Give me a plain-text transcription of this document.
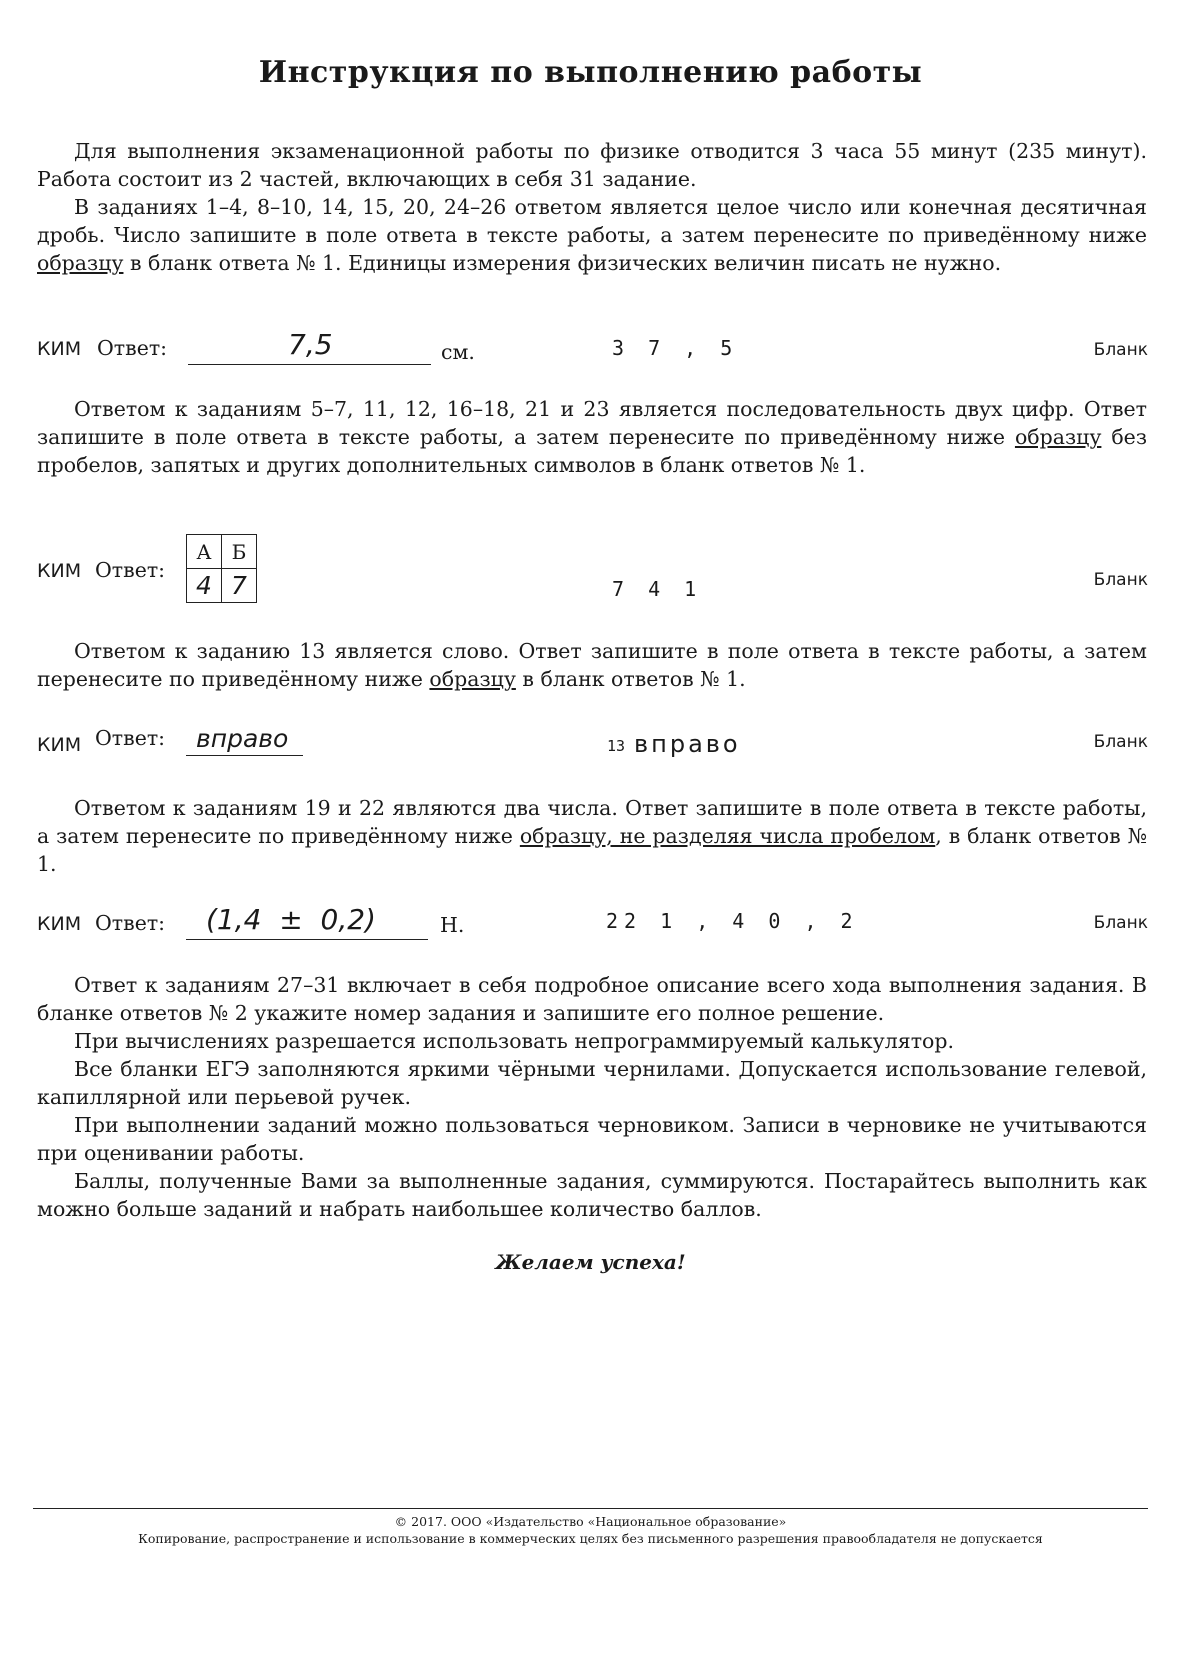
Инструкция по выполнению работы

Для выполнения экзаменационной работы по физике отводится 3 часа 55 минут (235 минут). Работа состоит из 2 частей, включающих в себя 31 задание.

В заданиях 1–4, 8–10, 14, 15, 20, 24–26 ответом является целое число или конечная десятичная дробь. Число запишите в поле ответа в тексте работы, а затем перенесите по приведённому ниже образцу в бланк ответа № 1. Единицы измерения физических величин писать не нужно.

КИМ Ответ:	7,5	см.	3 7 , 5	Бланк

Ответом к заданиям 5–7, 11, 12, 16–18, 21 и 23 является последовательность двух цифр. Ответ запишите в поле ответа в тексте работы, а затем перенесите по приведённому ниже образцу без пробелов, запятых и других дополнительных символов в бланк ответов № 1.

КИМ Ответ:
А	Б
4	7	7 4 1	Бланк

Ответом к заданию 13 является слово. Ответ запишите в поле ответа в тексте работы, а затем перенесите по приведённому ниже образцу в бланк ответов № 1.

КИМ Ответ: вправо	13 вправо	Бланк

Ответом к заданиям 19 и 22 являются два числа. Ответ запишите в поле ответа в тексте работы, а затем перенесите по приведённому ниже образцу, не разделяя числа пробелом, в бланк ответов № 1.

КИМ Ответ: (1,4  ±  0,2)	Н.	22 1 , 4 0 , 2	Бланк

Ответ к заданиям 27–31 включает в себя подробное описание всего хода выполнения задания. В бланке ответов № 2 укажите номер задания и запишите его полное решение.

При вычислениях разрешается использовать непрограммируемый калькулятор.

Все бланки ЕГЭ заполняются яркими чёрными чернилами. Допускается использование гелевой, капиллярной или перьевой ручек.

При выполнении заданий можно пользоваться черновиком. Записи в черновике не учитываются при оценивании работы.

Баллы, полученные Вами за выполненные задания, суммируются. Постарайтесь выполнить как можно больше заданий и набрать наибольшее количество баллов.

Желаем успеха!
© 2017. ООО «Издательство «Национальное образование»
Копирование, распространение и использование в коммерческих целях без письменного разрешения правообладателя не допускается
